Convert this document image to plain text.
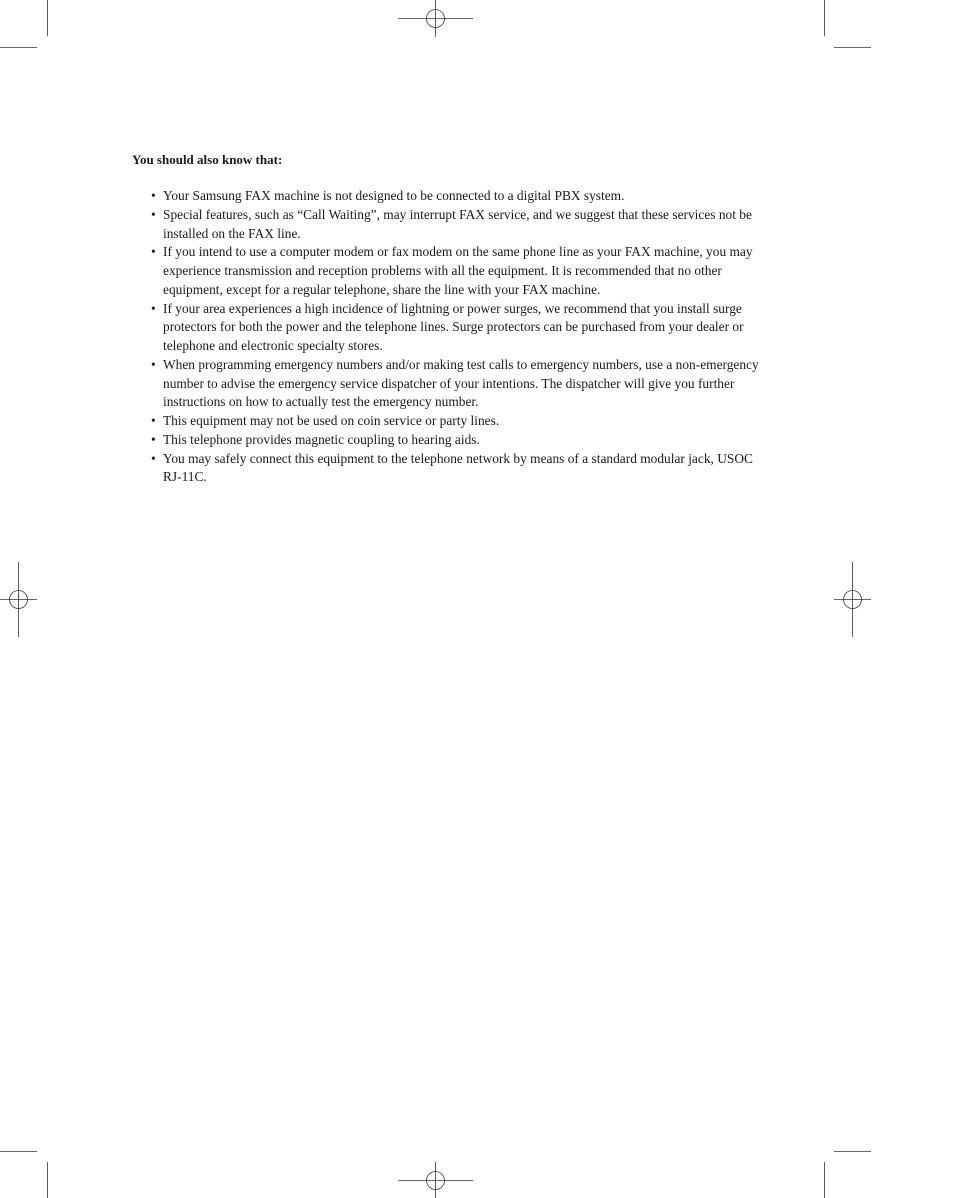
You should also know that:

• Your Samsung FAX machine is not designed to be connected to a digital PBX system.
• Special features, such as “Call Waiting”, may interrupt FAX service, and we suggest that these services not be installed on the FAX line.
• If you intend to use a computer modem or fax modem on the same phone line as your FAX machine, you may experience transmission and reception problems with all the equipment. It is recommended that no other equipment, except for a regular telephone, share the line with your FAX machine.
• If your area experiences a high incidence of lightning or power surges, we recommend that you install surge protectors for both the power and the telephone lines. Surge protectors can be purchased from your dealer or telephone and electronic specialty stores.
• When programming emergency numbers and/or making test calls to emergency numbers, use a non-emergency number to advise the emergency service dispatcher of your intentions. The dispatcher will give you further instructions on how to actually test the emergency number.
• This equipment may not be used on coin service or party lines.
• This telephone provides magnetic coupling to hearing aids.
• You may safely connect this equipment to the telephone network by means of a standard modular jack, USOC RJ-11C.
